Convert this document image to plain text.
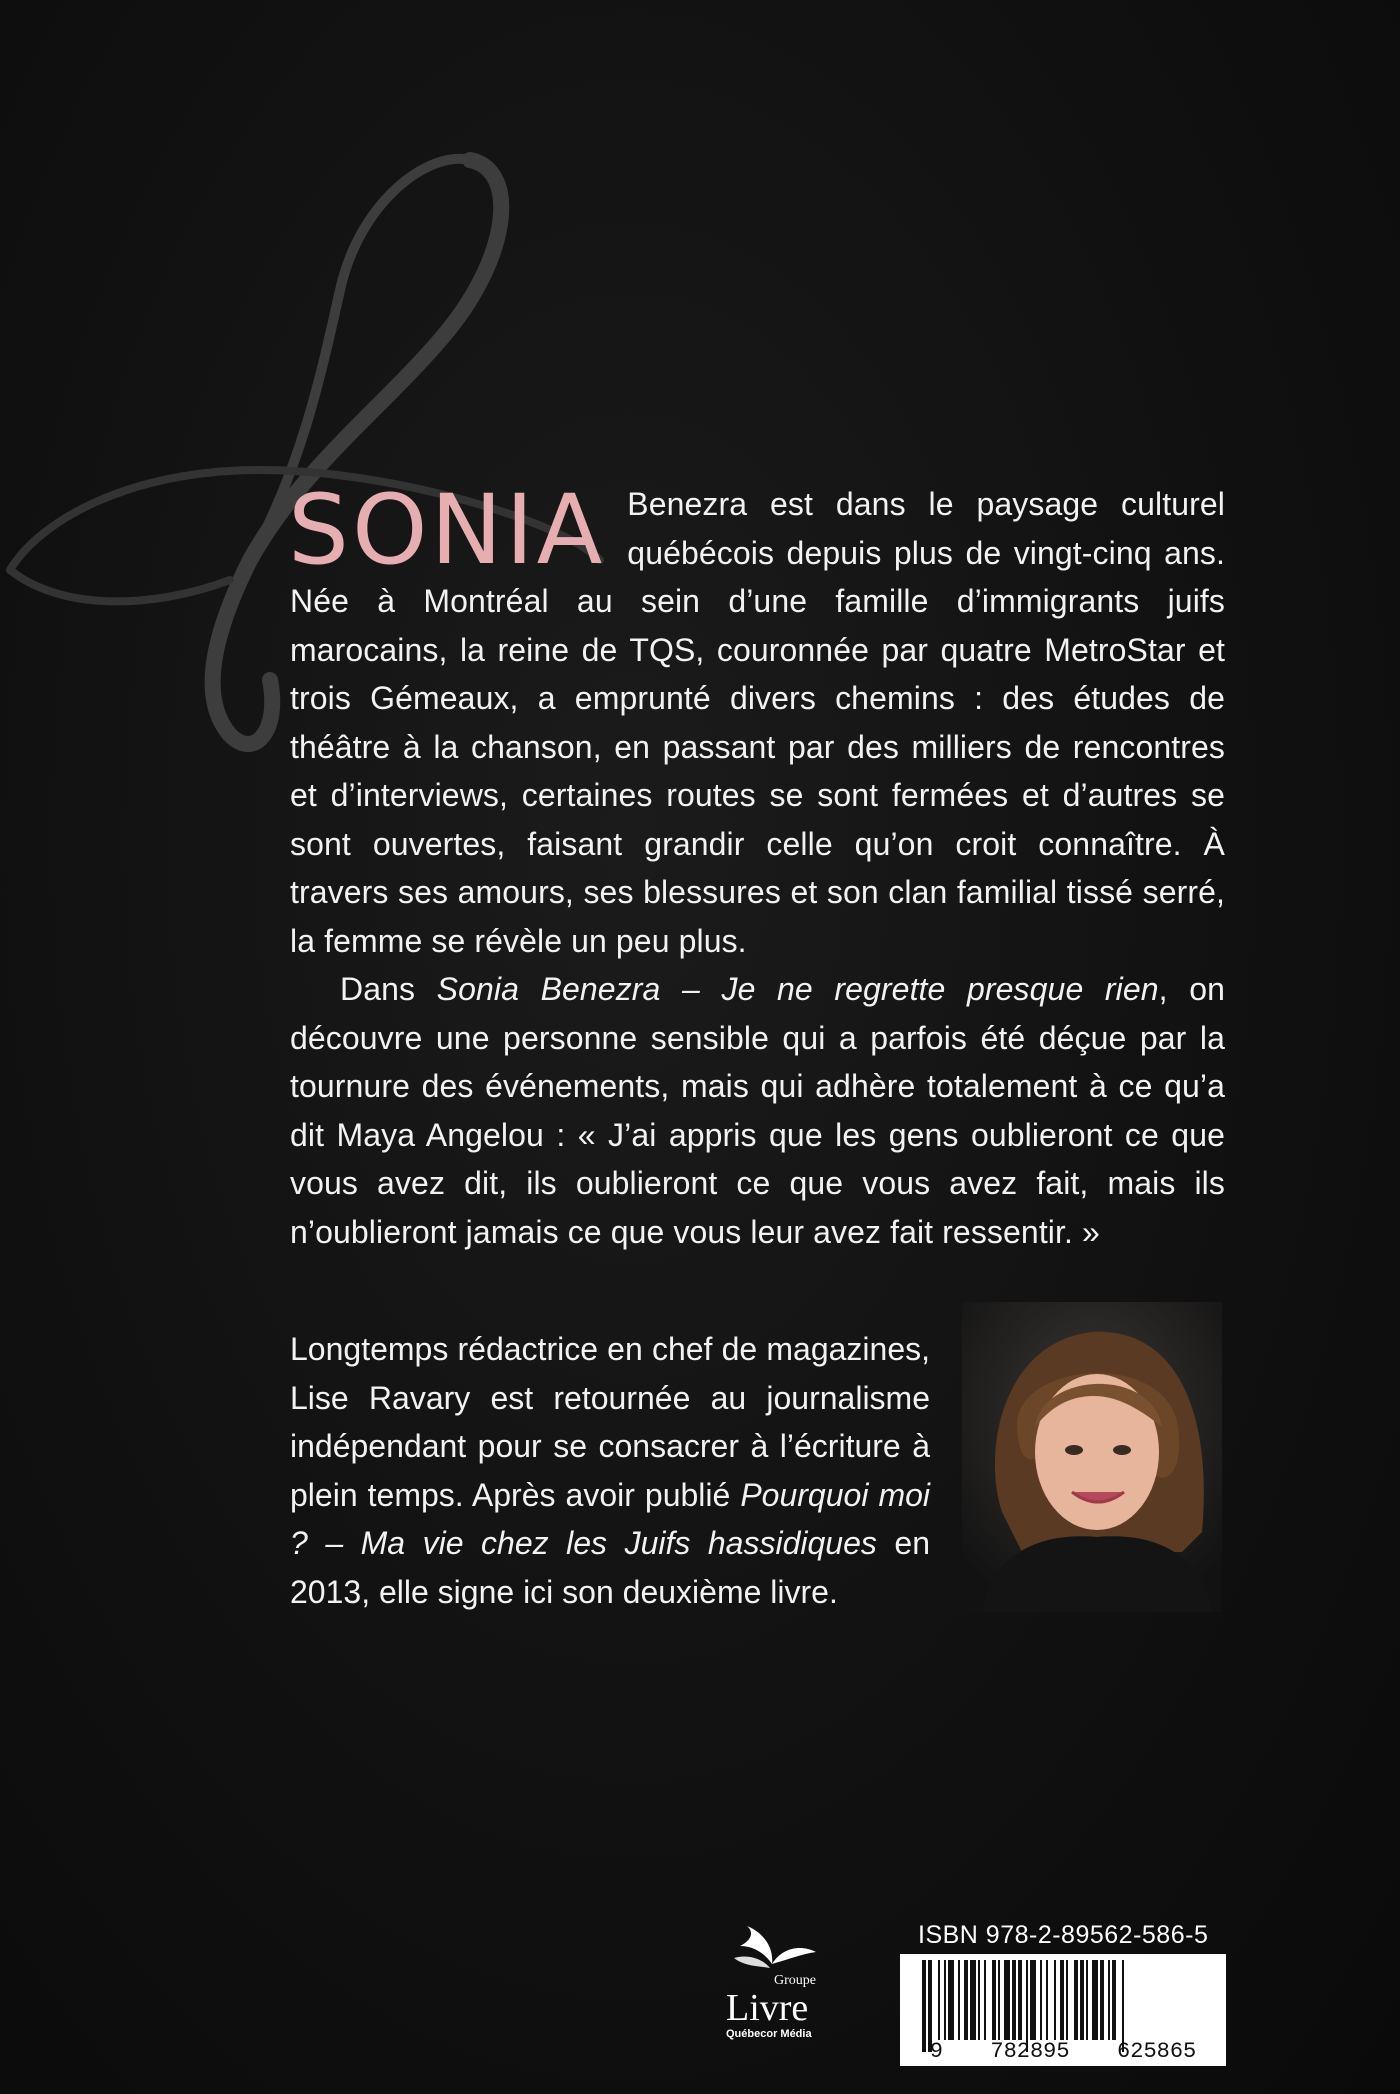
SONIA Benezra est dans le paysage culturel québécois depuis plus de vingt-cinq ans. Née à Montréal au sein d’une famille d’immigrants juifs marocains, la reine de TQS, couronnée par quatre MetroStar et trois Gémeaux, a emprunté divers chemins : des études de théâtre à la chanson, en passant par des milliers de rencontres et d’interviews, certaines routes se sont fermées et d’autres se sont ouvertes, faisant grandir celle qu’on croit connaître. À travers ses amours, ses blessures et son clan familial tissé serré, la femme se révèle un peu plus.

Dans Sonia Benezra – Je ne regrette presque rien, on découvre une personne sensible qui a parfois été déçue par la tournure des événements, mais qui adhère totalement à ce qu’a dit Maya Angelou : « J’ai appris que les gens oublieront ce que vous avez dit, ils oublieront ce que vous avez fait, mais ils n’oublieront jamais ce que vous leur avez fait ressentir. »

Longtemps rédactrice en chef de magazines, Lise Ravary est retournée au journalisme indépendant pour se consacrer à l’écriture à plein temps. Après avoir publié Pourquoi moi ? – Ma vie chez les Juifs hassidiques en 2013, elle signe ici son deuxième livre.

Groupe
Livre
Québecor Média
ISBN 978-2-89562-586-5
9 782895 625865
